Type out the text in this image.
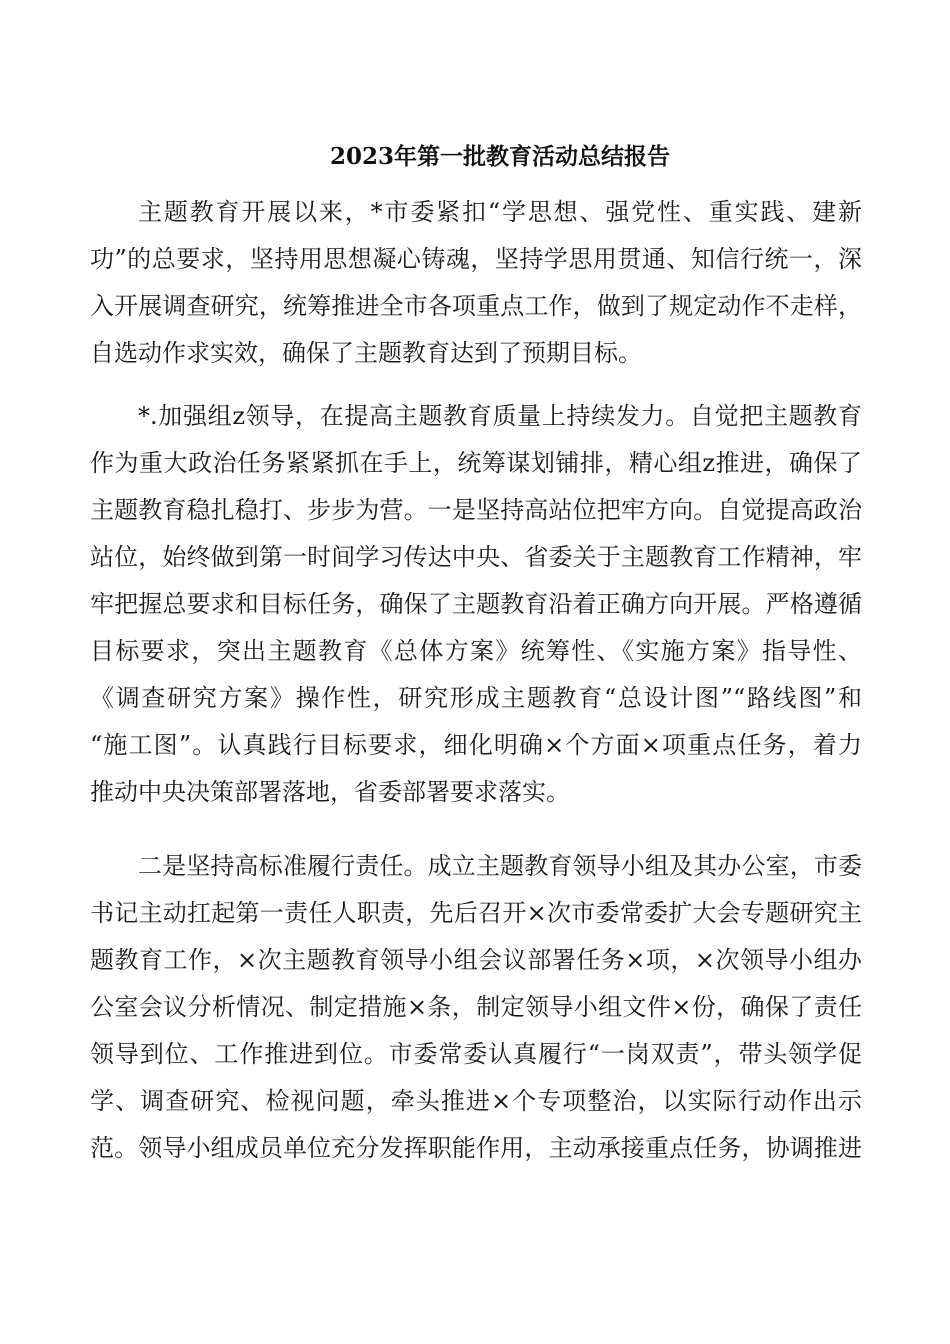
2023年第一批教育活动总结报告
主题教育开展以来，*市委紧扣“学思想、强党性、重实践、建新
功”的总要求，坚持用思想凝心铸魂，坚持学思用贯通、知信行统一，深
入开展调查研究，统筹推进全市各项重点工作，做到了规定动作不走样，
自选动作求实效，确保了主题教育达到了预期目标。
*.加强组z领导，在提高主题教育质量上持续发力。自觉把主题教育
作为重大政治任务紧紧抓在手上，统筹谋划铺排，精心组z推进，确保了
主题教育稳扎稳打、步步为营。一是坚持高站位把牢方向。自觉提高政治
站位，始终做到第一时间学习传达中央、省委关于主题教育工作精神，牢
牢把握总要求和目标任务，确保了主题教育沿着正确方向开展。严格遵循
目标要求，突出主题教育《总体方案》统筹性、《实施方案》指导性、
《调查研究方案》操作性，研究形成主题教育“总设计图”“路线图”和
“施工图”。认真践行目标要求，细化明确×个方面×项重点任务，着力
推动中央决策部署落地，省委部署要求落实。
二是坚持高标准履行责任。成立主题教育领导小组及其办公室，市委
书记主动扛起第一责任人职责，先后召开×次市委常委扩大会专题研究主
题教育工作，×次主题教育领导小组会议部署任务×项，×次领导小组办
公室会议分析情况、制定措施×条，制定领导小组文件×份，确保了责任
领导到位、工作推进到位。市委常委认真履行“一岗双责”，带头领学促
学、调查研究、检视问题，牵头推进×个专项整治，以实际行动作出示
范。领导小组成员单位充分发挥职能作用，主动承接重点任务，协调推进
